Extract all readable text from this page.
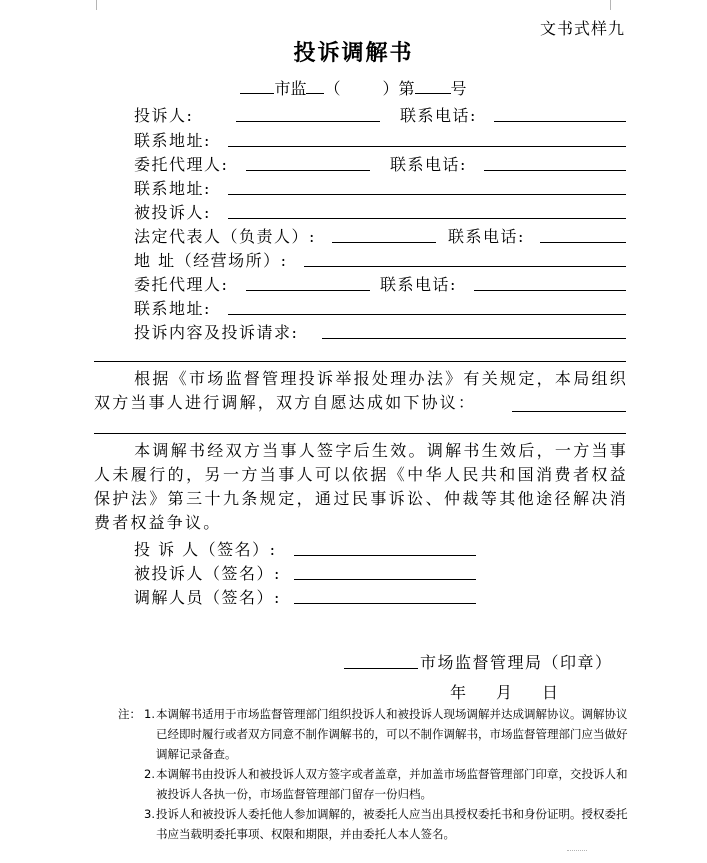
文书式样九
投诉调解书
市监 （	）第 号
投诉人:	联系电话:
联系地址:
委托代理人:	联系电话:
联系地址:
被投诉人:
法定代表人（负责人）:	联系电话:
地 址（经营场所）:
委托代理人:	联系电话:
联系地址:
投诉内容及投诉请求:
根据《市场监督管理投诉举报处理办法》有关规定，本局组织双方当事人进行调解，双方自愿达成如下协议：
本调解书经双方当事人签字后生效。调解书生效后，一方当事人未履行的，另一方当事人可以依据《中华人民共和国消费者权益保护法》第三十九条规定，通过民事诉讼、仲裁等其他途径解决消费者权益争议。
投 诉 人（签名）:
被投诉人（签名）:
调解人员（签名）:
市场监督管理局（印章）
年 月 日
注： 1. 本调解书适用于市场监督管理部门组织投诉人和被投诉人现场调解并达成调解协议。调解协议已经即时履行或者双方同意不制作调解书的，可以不制作调解书，市场监督管理部门应当做好调解记录备查。
2. 本调解书由投诉人和被投诉人双方签字或者盖章，并加盖市场监督管理部门印章，交投诉人和被投诉人各执一份，市场监督管理部门留存一份归档。
3. 投诉人和被投诉人委托他人参加调解的，被委托人应当出具授权委托书和身份证明。授权委托书应当载明委托事项、权限和期限，并由委托人本人签名。
